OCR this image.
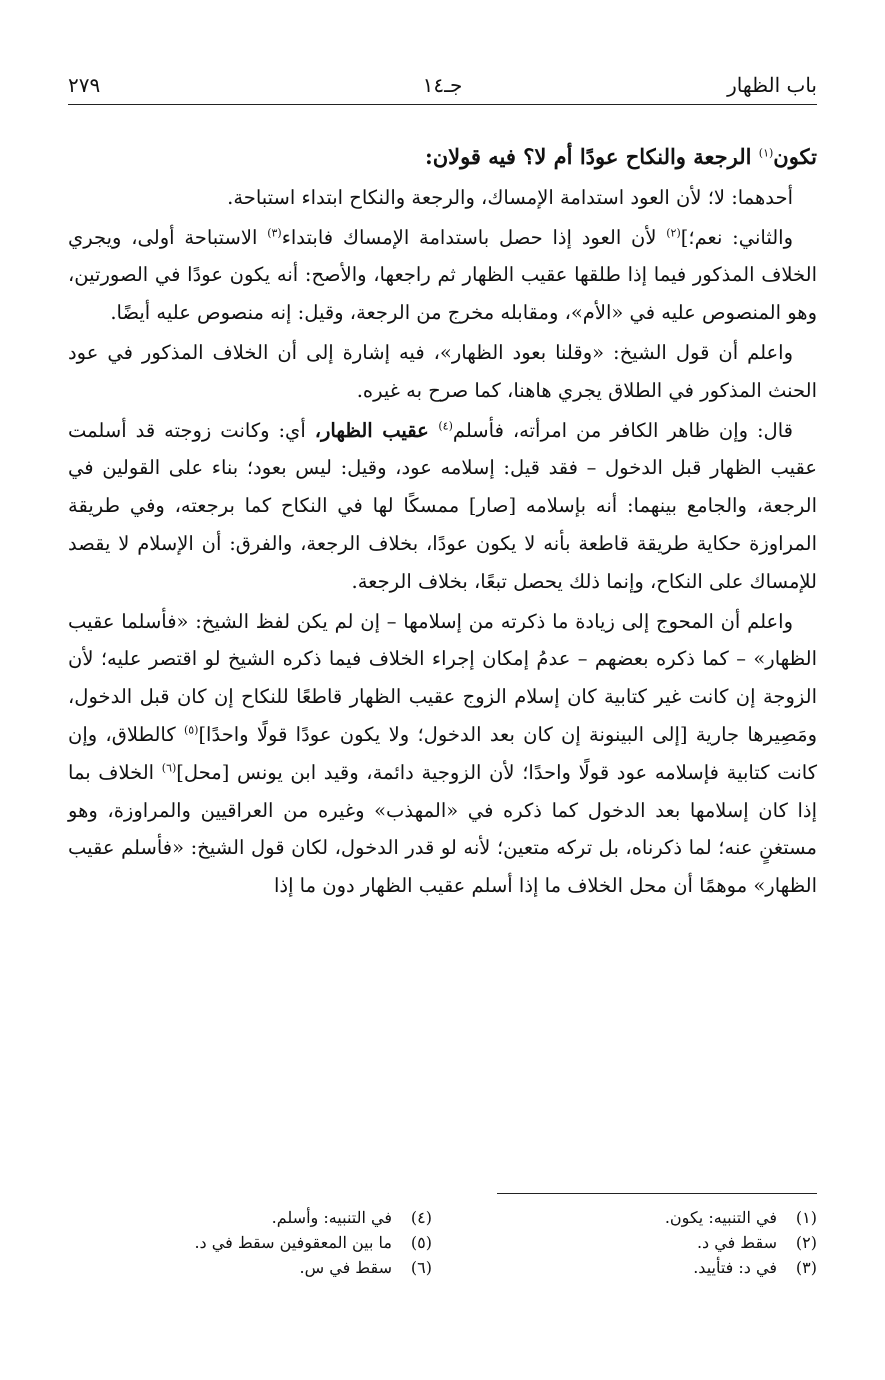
باب الظهار
جـ١٤
٢٧٩

تكون$^{(١)}$ الرجعة والنكاح عودًا أم لا؟ فيه قولان:

أحدهما: لا؛ لأن العود استدامة الإمساك، والرجعة والنكاح ابتداء استباحة.

والثاني: نعم؛]$^{(٢)}$ لأن العود إذا حصل باستدامة الإمساك فابتداء$^{(٣)}$ الاستباحة أولى، ويجري الخلاف المذكور فيما إذا طلقها عقيب الظهار ثم راجعها، والأصح: أنه يكون عودًا في الصورتين، وهو المنصوص عليه في «الأم»، ومقابله مخرج من الرجعة، وقيل: إنه منصوص عليه أيضًا.

واعلم أن قول الشيخ: «وقلنا بعود الظهار»، فيه إشارة إلى أن الخلاف المذكور في عود الحنث المذكور في الطلاق يجري هاهنا، كما صرح به غيره.

قال: وإن ظاهر الكافر من امرأته، فأسلم$^{(٤)}$ عقيب الظهار، أي: وكانت زوجته قد أسلمت عقيب الظهار قبل الدخول – فقد قيل: إسلامه عود، وقيل: ليس بعود؛ بناء على القولين في الرجعة، والجامع بينهما: أنه بإسلامه [صار] ممسكًا لها في النكاح كما برجعته، وفي طريقة المراوزة حكاية طريقة قاطعة بأنه لا يكون عودًا، بخلاف الرجعة، والفرق: أن الإسلام لا يقصد للإمساك على النكاح، وإنما ذلك يحصل تبعًا، بخلاف الرجعة.

واعلم أن المحوج إلى زيادة ما ذكرته من إسلامها – إن لم يكن لفظ الشيخ: «فأسلما عقيب الظهار» – كما ذكره بعضهم – عدمُ إمكان إجراء الخلاف فيما ذكره الشيخ لو اقتصر عليه؛ لأن الزوجة إن كانت غير كتابية كان إسلام الزوج عقيب الظهار قاطعًا للنكاح إن كان قبل الدخول، ومَصِيرها جارية [إلى البينونة إن كان بعد الدخول؛ ولا يكون عودًا قولًا واحدًا]$^{(٥)}$ كالطلاق، وإن كانت كتابية فإسلامه عود قولًا واحدًا؛ لأن الزوجية دائمة، وقيد ابن يونس [محل]$^{(٦)}$ الخلاف بما إذا كان إسلامها بعد الدخول كما ذكره في «المهذب» وغيره من العراقيين والمراوزة، وهو مستغنٍ عنه؛ لما ذكرناه، بل تركه متعين؛ لأنه لو قدر الدخول، لكان قول الشيخ: «فأسلم عقيب الظهار» موهمًا أن محل الخلاف ما إذا أسلم عقيب الظهار دون ما إذا

(١)في التنبيه: يكون.
(٢)سقط في د.
(٣)في د: فتأييد.
(٤)في التنبيه: وأسلم.
(٥)ما بين المعقوفين سقط في د.
(٦)سقط في س.
